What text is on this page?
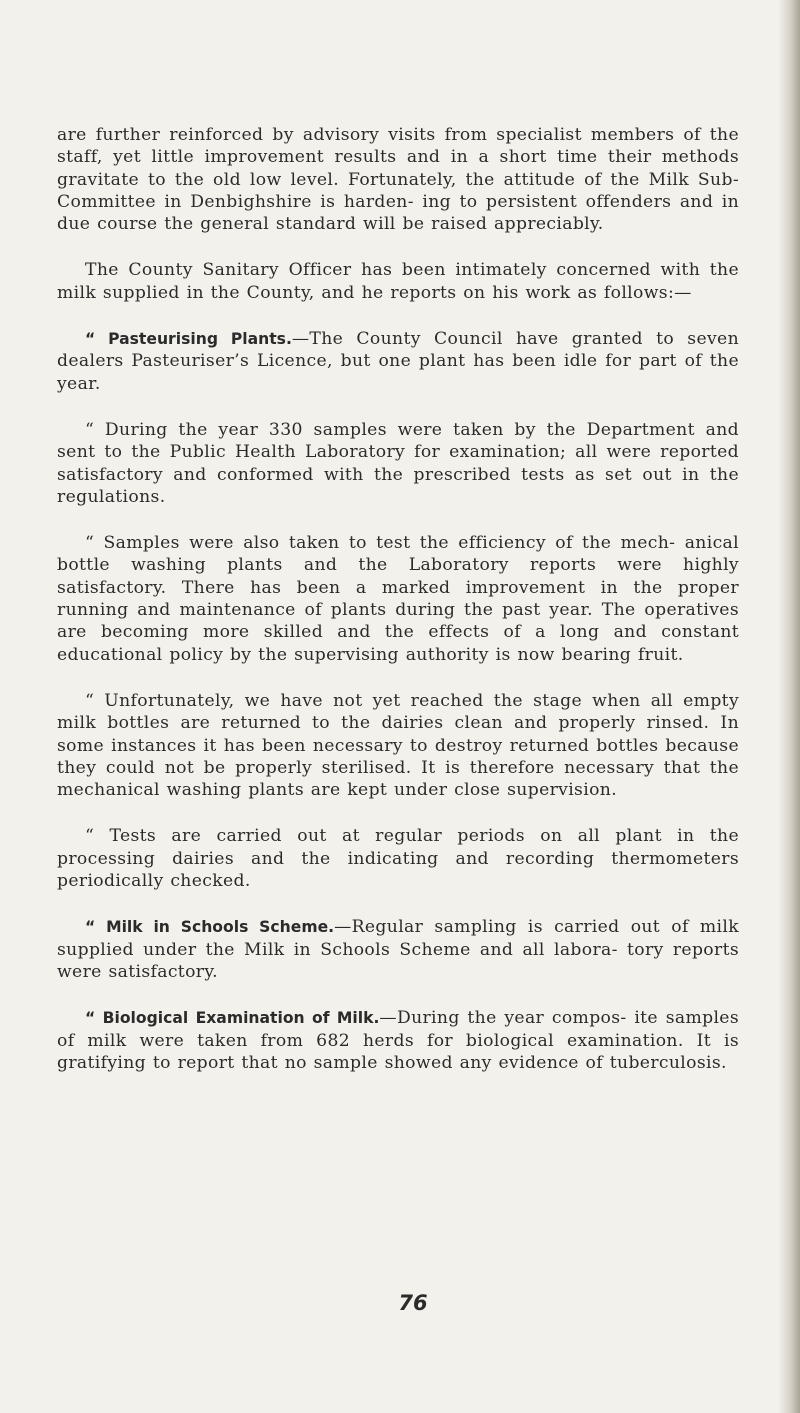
are further reinforced by advisory visits from specialist members of the staff, yet little improvement results and in a short time their methods gravitate to the old low level. Fortunately, the attitude of the Milk Sub-Committee in Denbighshire is harden- ing to persistent offenders and in due course the general standard will be raised appreciably.

The County Sanitary Officer has been intimately concerned with the milk supplied in the County, and he reports on his work as follows:—

“ Pasteurising Plants.—The County Council have granted to seven dealers Pasteuriser’s Licence, but one plant has been idle for part of the year.

“ During the year 330 samples were taken by the Department and sent to the Public Health Laboratory for examination; all were reported satisfactory and conformed with the prescribed tests as set out in the regulations.

“ Samples were also taken to test the efficiency of the mech- anical bottle washing plants and the Laboratory reports were highly satisfactory. There has been a marked improvement in the proper running and maintenance of plants during the past year. The operatives are becoming more skilled and the effects of a long and constant educational policy by the supervising authority is now bearing fruit.

“ Unfortunately, we have not yet reached the stage when all empty milk bottles are returned to the dairies clean and properly rinsed. In some instances it has been necessary to destroy returned bottles because they could not be properly sterilised. It is therefore necessary that the mechanical washing plants are kept under close supervision.

“ Tests are carried out at regular periods on all plant in the processing dairies and the indicating and recording thermometers periodically checked.

“ Milk in Schools Scheme.—Regular sampling is carried out of milk supplied under the Milk in Schools Scheme and all labora- tory reports were satisfactory.

“ Biological Examination of Milk.—During the year compos- ite samples of milk were taken from 682 herds for biological examination. It is gratifying to report that no sample showed any evidence of tuberculosis.

76
